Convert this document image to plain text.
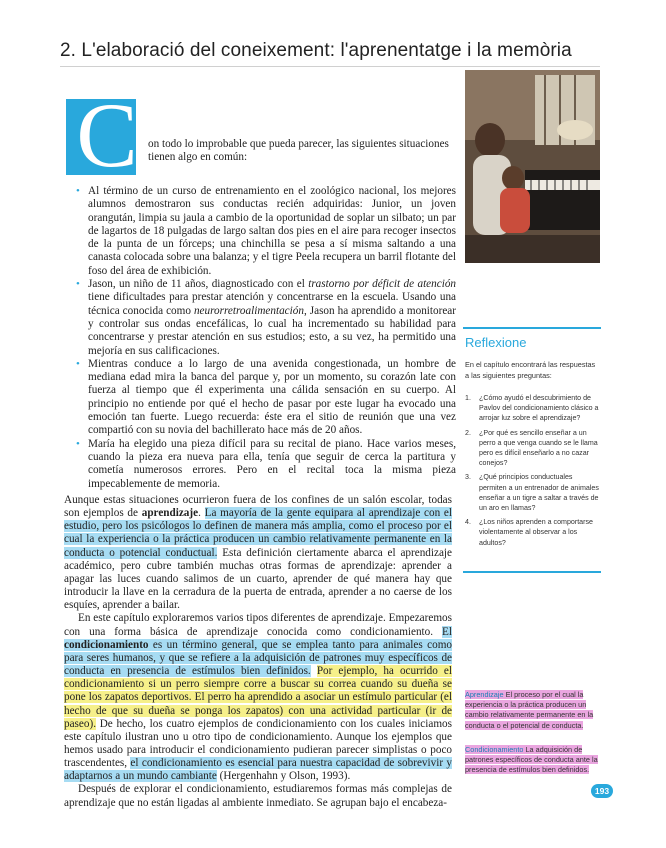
2. L'elaboració del coneixement: l'aprenentatge i la memòria
C on todo lo improbable que pueda parecer, las siguientes situaciones tienen algo en común:
• Al término de un curso de entrenamiento en el zoológico nacional, los mejores alumnos demostraron sus conductas recién adquiridas: Junior, un joven orangután, limpia su jaula a cambio de la oportunidad de soplar un silbato; un par de lagartos de 18 pulgadas de largo saltan dos pies en el aire para recoger insectos de la punta de un fórceps; una chinchilla se pesa a sí misma saltando a una canasta colocada sobre una balanza; y el tigre Peela recupera un barril flotante del foso del área de exhibición.
• Jason, un niño de 11 años, diagnosticado con el trastorno por déficit de atención tiene dificultades para prestar atención y concentrarse en la escuela. Usando una técnica conocida como neurorretroalimentación, Jason ha aprendido a monitorear y controlar sus ondas encefálicas, lo cual ha incrementado su habilidad para concentrarse y prestar atención en sus estudios; esto, a su vez, ha permitido una mejoría en sus calificaciones.
• Mientras conduce a lo largo de una avenida congestionada, un hombre de mediana edad mira la banca del parque y, por un momento, su corazón late con fuerza al tiempo que él experimenta una cálida sensación en su cuerpo. Al principio no entiende por qué el hecho de pasar por este lugar ha evocado una emoción tan fuerte. Luego recuerda: éste era el sitio de reunión que una vez compartió con su novia del bachillerato hace más de 20 años.
• María ha elegido una pieza difícil para su recital de piano. Hace varios meses, cuando la pieza era nueva para ella, tenía que seguir de cerca la partitura y cometía numerosos errores. Pero en el recital toca la misma pieza impecablemente de memoria.

Aunque estas situaciones ocurrieron fuera de los confines de un salón escolar, todas son ejemplos de aprendizaje. La mayoría de la gente equipara al aprendizaje con el estudio, pero los psicólogos lo definen de manera más amplia, como el proceso por el cual la experiencia o la práctica producen un cambio relativamente permanente en la conducta o potencial conductual. Esta definición ciertamente abarca el aprendizaje académico, pero cubre también muchas otras formas de aprendizaje: aprender a apagar las luces cuando salimos de un cuarto, aprender de qué manera hay que introducir la llave en la cerradura de la puerta de entrada, aprender a no caerse de los esquíes, aprender a bailar.

En este capítulo exploraremos varios tipos diferentes de aprendizaje. Empezaremos con una forma básica de aprendizaje conocida como condicionamiento. El condicionamiento es un término general, que se emplea tanto para animales como para seres humanos, y que se refiere a la adquisición de patrones muy específicos de conducta en presencia de estímulos bien definidos. Por ejemplo, ha ocurrido el condicionamiento si un perro siempre corre a buscar su correa cuando su dueña se pone los zapatos deportivos. El perro ha aprendido a asociar un estímulo particular (el hecho de que su dueña se ponga los zapatos) con una actividad particular (ir de paseo). De hecho, los cuatro ejemplos de condicionamiento con los cuales iniciamos este capítulo ilustran uno u otro tipo de condicionamiento. Aunque los ejemplos que hemos usado para introducir el condicionamiento pudieran parecer simplistas o poco trascendentes, el condicionamiento es esencial para nuestra capacidad de sobrevivir y adaptarnos a un mundo cambiante (Hergenhahn y Olson, 1993).

Después de explorar el condicionamiento, estudiaremos formas más complejas de aprendizaje que no están ligadas al ambiente inmediato. Se agrupan bajo el encabeza-

Reflexione
En el capítulo encontrará las respuestas a las siguientes preguntas:
1. ¿Cómo ayudó el descubrimiento de Pavlov del condicionamiento clásico a arrojar luz sobre el aprendizaje?
2. ¿Por qué es sencillo enseñar a un perro a que venga cuando se le llama pero es difícil enseñarlo a no cazar conejos?
3. ¿Qué principios conductuales permiten a un entrenador de animales enseñar a un tigre a saltar a través de un aro en llamas?
4. ¿Los niños aprenden a comportarse violentamente al observar a los adultos?
Aprendizaje El proceso por el cual la experiencia o la práctica producen un cambio relativamente permanente en la conducta o el potencial de conducta.
Condicionamiento La adquisición de patrones específicos de conducta ante la presencia de estímulos bien definidos.
193
